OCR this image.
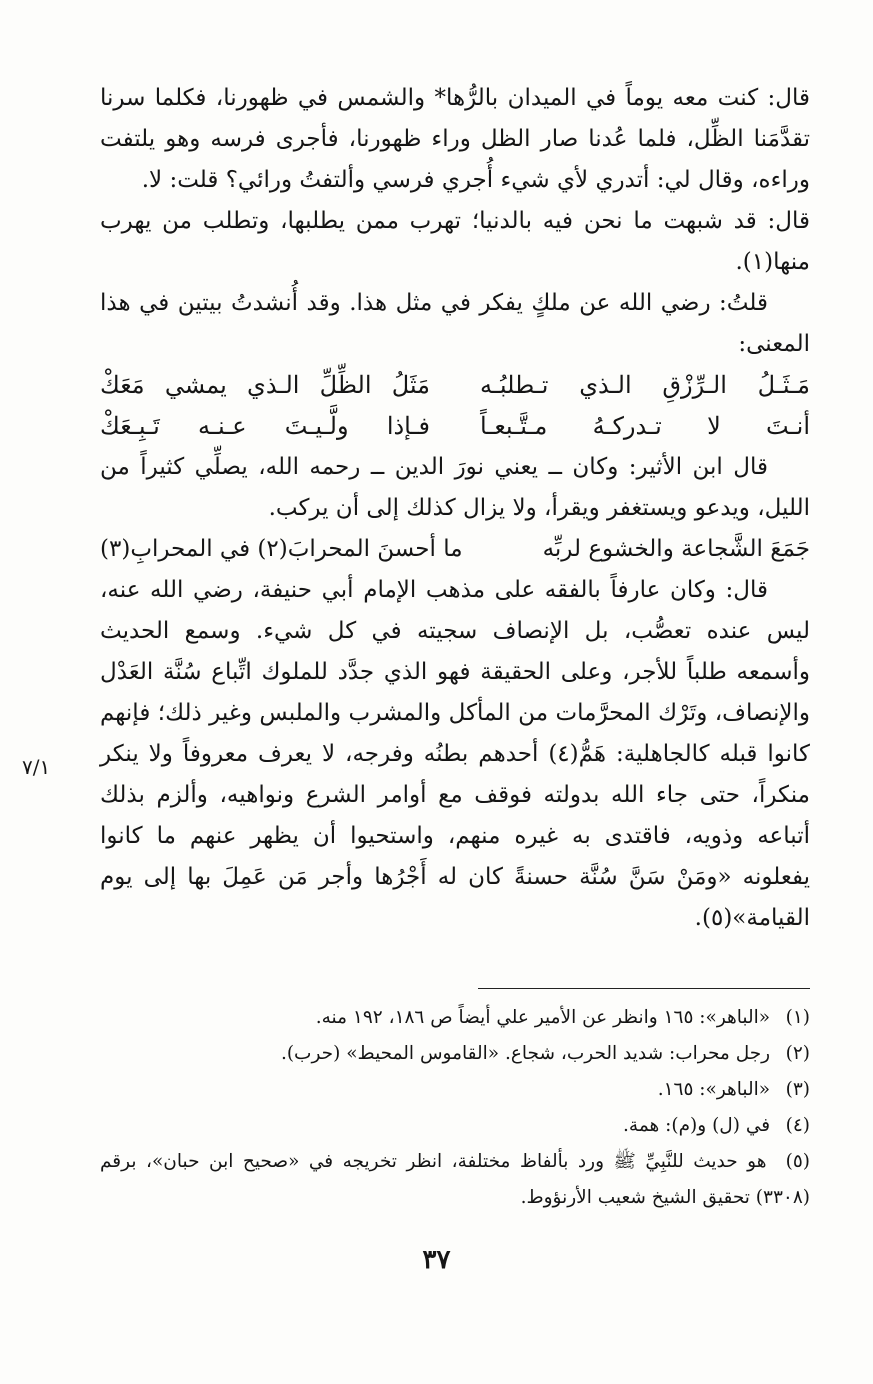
قال: كنت معه يوماً في الميدان بالرُّها* والشمس في ظهورنا، فكلما سرنا تقدَّمَنا الظِّل، فلما عُدنا صار الظل وراء ظهورنا، فأجرى فرسه وهو يلتفت وراءه، وقال لي: أتدري لأي شيء أُجري فرسي وألتفتُ ورائي؟ قلت: لا.

قال: قد شبهت ما نحن فيه بالدنيا؛ تهرب ممن يطلبها، وتطلب من يهرب منها(١).

قلتُ: رضي الله عن ملكٍ يفكر في مثل هذا. وقد أُنشدتُ بيتين في هذا المعنى:

مَـثَـلُ الـرِّزْقِ الـذي تـطلبُـه
مَثَلُ الظِّلِّ الـذي يمشي مَعَكْ
أنـتَ لا تـدركـهُ مـتَّـبعـاً
فـإذا ولَّـيـتَ عـنـه تَـبِـعَكْ

قال ابن الأثير: وكان ــ يعني نورَ الدين ــ رحمه الله، يصلِّي كثيراً من الليل، ويدعو ويستغفر ويقرأ، ولا يزال كذلك إلى أن يركب.

جَمَعَ الشَّجاعة والخشوع لربِّه
ما أحسنَ المحرابَ(٢) في المحرابِ(٣)

قال: وكان عارفاً بالفقه على مذهب الإمام أبي حنيفة، رضي الله عنه، ليس عنده تعصُّب، بل الإنصاف سجيته في كل شيء. وسمع الحديث وأسمعه طلباً للأجر، وعلى الحقيقة فهو الذي جدَّد للملوك اتِّباع سُنَّة العَدْل والإنصاف، وتَرْك المحرَّمات من المأكل والمشرب والملبس وغير ذلك؛ فإنهم كانوا قبله كالجاهلية: هَمُّ(٤) أحدهم بطنُه وفرجه، لا يعرف معروفاً ولا ينكر منكراً، حتى جاء الله بدولته فوقف مع أوامر الشرع ونواهيه، وألزم بذلك أتباعه وذويه، فاقتدى به غيره منهم، واستحيوا أن يظهر عنهم ما كانوا يفعلونه «ومَنْ سَنَّ سُنَّة حسنةً كان له أَجْرُها وأجر مَن عَمِلَ بها إلى يوم القيامة»(٥).

٧/١

(١) «الباهر»: ١٦٥ وانظر عن الأمير علي أيضاً ص ١٨٦، ١٩٢ منه.

(٢) رجل محراب: شديد الحرب، شجاع. «القاموس المحيط» (حرب).

(٣) «الباهر»: ١٦٥.

(٤) في (ل) و(م): همة.

(٥) هو حديث للنَّبِيِّ ﷺ ورد بألفاظ مختلفة، انظر تخريجه في «صحيح ابن حبان»، برقم (٣٣٠٨) تحقيق الشيخ شعيب الأرنؤوط.

٣٧
